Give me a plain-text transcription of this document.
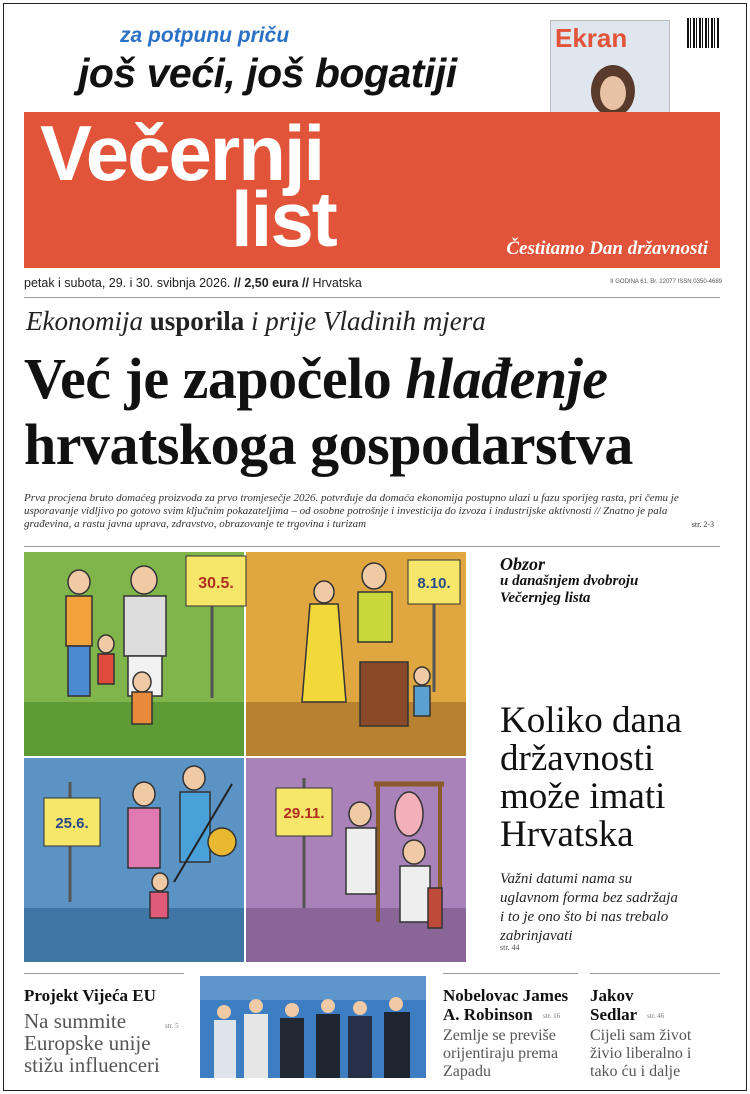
za potpunu priču
još veći, još bogatiji
Ekran
Večernji
list	Čestitamo Dan državnosti
petak i subota, 29. i 30. svibnja 2026. // 2,50 eura // Hrvatska	II GODINA 61. Br. 22077 ISSN 0350-4689
Ekonomija usporila i prije Vladinih mjera
Već je započelo hlađenje
hrvatskoga gospodarstva
Prva procjena bruto domaćeg proizvoda za prvo tromjesečje 2026. potvrđuje da domaća ekonomija postupno ulazi u fazu sporijeg rasta, pri čemu je usporavanje vidljivo po gotovo svim ključnim pokazateljima – od osobne potrošnje i investicija do izvoza i industrijske aktivnosti // Znatno je pala građevina, a rastu javna uprava, zdravstvo, obrazovanje te trgovina i turizam	str. 2-3
30.5.	8.10.
25.6.
29.11.
Obzor
u današnjem dvobroju
Večernjeg lista
Koliko dana državnosti može imati Hrvatska
Važni datumi nama su uglavnom forma bez sadržaja i to je ono što bi nas trebalo zabrinjavati
str. 44
Projekt Vijeća EU
Na summite Europske unije stižu influenceri
str. 5
Nobelovac James
A. Robinson str. 16
Zemlje se previše orijentiraju prema Zapadu
Jakov
Sedlar str. 46
Cijeli sam život živio liberalno i tako ću i dalje
